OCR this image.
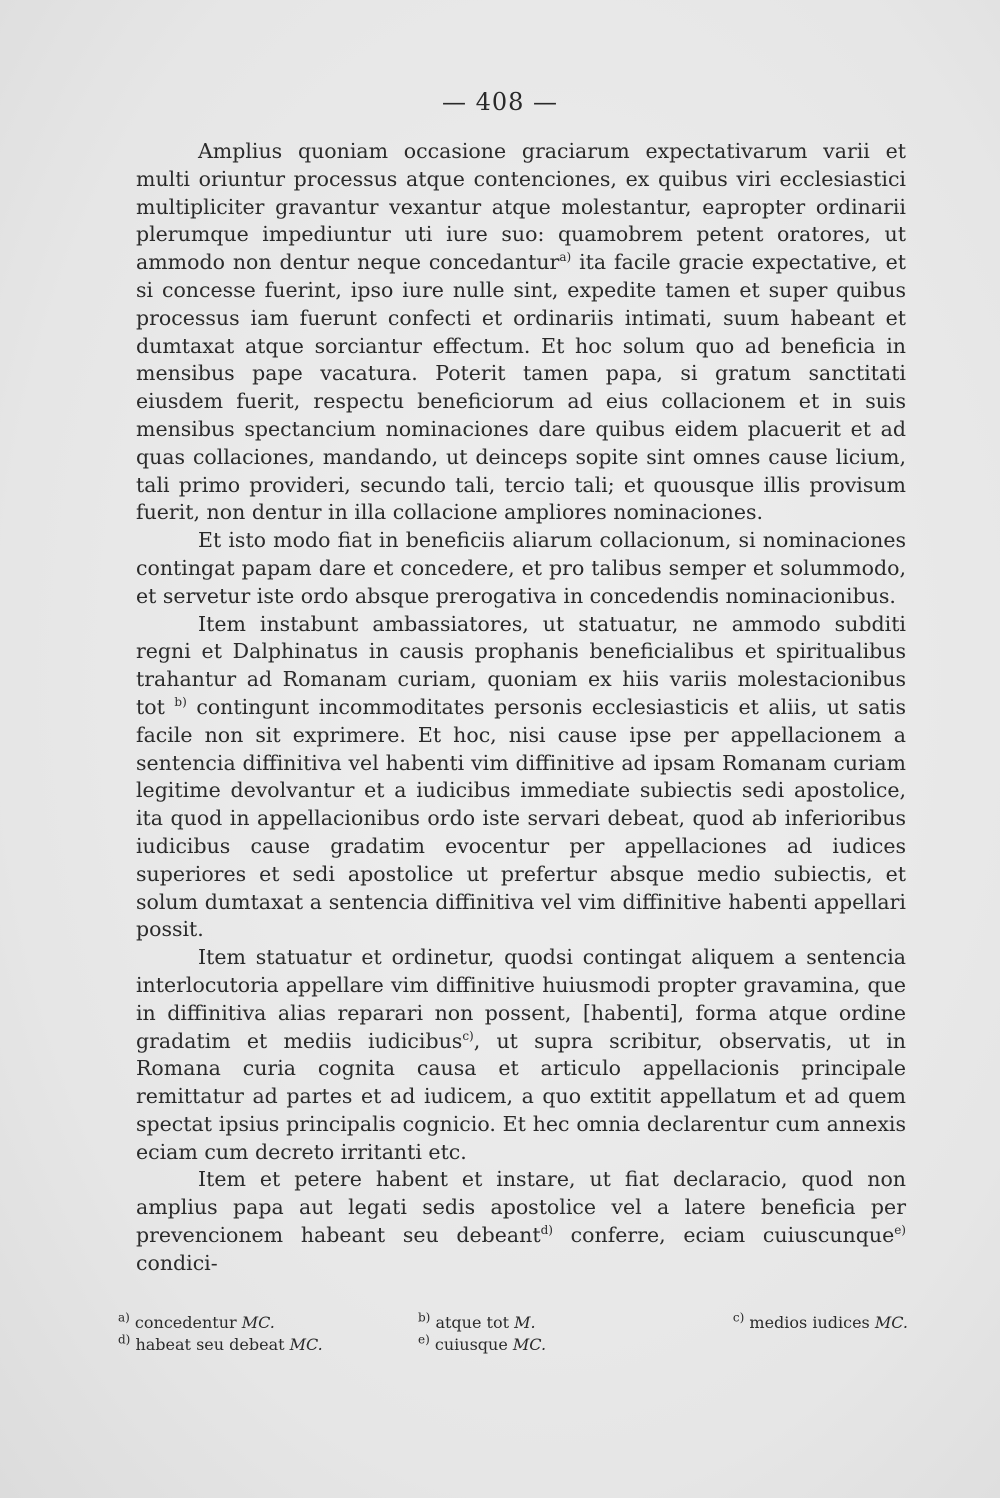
— 408 —

Amplius quoniam occasione graciarum expectativarum varii et multi oriuntur processus atque contenciones, ex quibus viri ecclesiastici multipliciter gravantur vexantur atque molestantur, eapropter ordinarii plerumque impediuntur uti iure suo: quamobrem petent oratores, ut ammodo non dentur neque concedantur$^{a)}$ ita facile gracie expectative, et si concesse fuerint, ipso iure nulle sint, expedite tamen et super quibus processus iam fuerunt confecti et ordinariis intimati, suum habeant et dumtaxat atque sorciantur effectum. Et hoc solum quo ad beneficia in mensibus pape vacatura. Poterit tamen papa, si gratum sanctitati eiusdem fuerit, respectu beneficiorum ad eius collacionem et in suis mensibus spectancium nominaciones dare quibus eidem placuerit et ad quas collaciones, mandando, ut deinceps sopite sint omnes cause licium, tali primo provideri, secundo tali, tercio tali; et quousque illis provisum fuerit, non dentur in illa collacione ampliores nominaciones.

Et isto modo fiat in beneficiis aliarum collacionum, si nominaciones contingat papam dare et concedere, et pro talibus semper et solummodo, et servetur iste ordo absque prerogativa in concedendis nominacionibus.

Item instabunt ambassiatores, ut statuatur, ne ammodo subditi regni et Dalphinatus in causis prophanis beneficialibus et spiritualibus trahantur ad Romanam curiam, quoniam ex hiis variis molestacionibus tot $^{b)}$ contingunt incommoditates personis ecclesiasticis et aliis, ut satis facile non sit exprimere. Et hoc, nisi cause ipse per appellacionem a sentencia diffinitiva vel habenti vim diffinitive ad ipsam Romanam curiam legitime devolvantur et a iudicibus immediate subiectis sedi apostolice, ita quod in appellacionibus ordo iste servari debeat, quod ab inferioribus iudicibus cause gradatim evocentur per appellaciones ad iudices superiores et sedi apostolice ut prefertur absque medio subiectis, et solum dumtaxat a sentencia diffinitiva vel vim diffinitive habenti appellari possit.

Item statuatur et ordinetur, quodsi contingat aliquem a sentencia interlocutoria appellare vim diffinitive huiusmodi propter gravamina, que in diffinitiva alias reparari non possent, [habenti], forma atque ordine gradatim et mediis iudicibus$^{c)}$, ut supra scribitur, observatis, ut in Romana curia cognita causa et articulo appellacionis principale remittatur ad partes et ad iudicem, a quo extitit appellatum et ad quem spectat ipsius principalis cognicio. Et hec omnia declarentur cum annexis eciam cum decreto irritanti etc.

Item et petere habent et instare, ut fiat declaracio, quod non amplius papa aut legati sedis apostolice vel a latere beneficia per prevencionem habeant seu debeant$^{d)}$ conferre, eciam cuiuscunque$^{e)}$ condici-

$^{a)}$ concedentur MC.	$^{b)}$ atque tot M.	$^{c)}$ medios iudices MC.
$^{d)}$ habeat seu debeat MC.	$^{e)}$ cuiusque MC.
